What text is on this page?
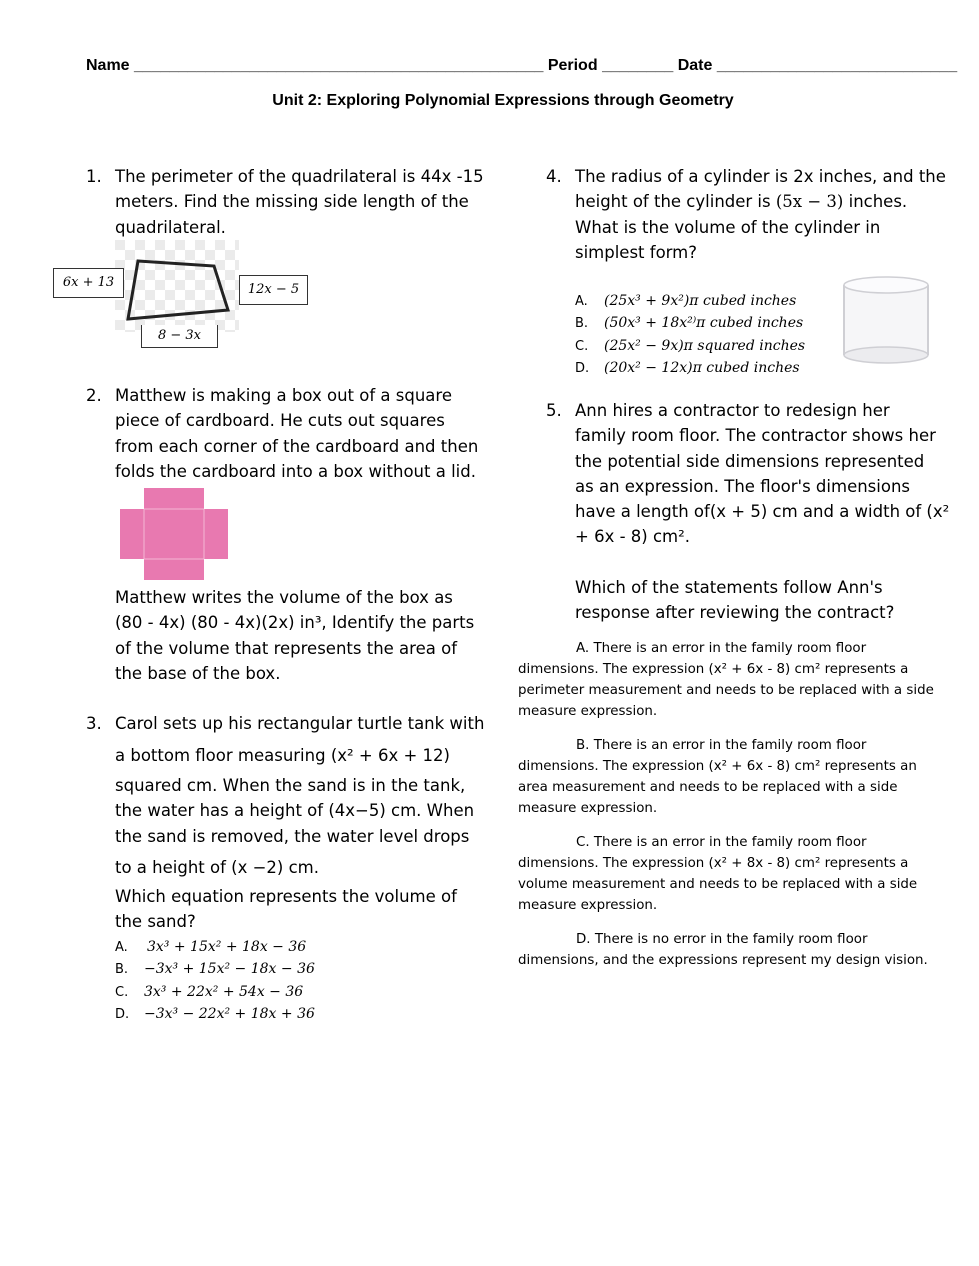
Name ______________________________________________ Period ________ Date ___________________________
Unit 2: Exploring Polynomial Expressions through Geometry
1. The perimeter of the quadrilateral is 44x -15
meters. Find the missing side length of the
quadrilateral.
6x + 13	12x − 5
8 − 3x
2. Matthew is making a box out of a square
piece of cardboard. He cuts out squares
from each corner of the cardboard and then
folds the cardboard into a box without a lid.
Matthew writes the volume of the box as
(80 - 4x) (80 - 4x)(2x) in³, Identify the parts
of the volume that represents the area of
the base of the box.
3. Carol sets up his rectangular turtle tank with
a bottom floor measuring (x² + 6x + 12)
squared cm. When the sand is in the tank,
the water has a height of (4x−5) cm. When
the sand is removed, the water level drops
to a height of (x −2) cm.
Which equation represents the volume of
the sand?
A. 3x³ + 15x² + 18x − 36
B. −3x³ + 15x² − 18x − 36
C. 3x³ + 22x² + 54x − 36
D. −3x³ − 22x² + 18x + 36
4. The radius of a cylinder is 2x inches, and the
height of the cylinder is (5x − 3) inches.
What is the volume of the cylinder in
simplest form?
A. (25x³ + 9x²)π cubed inches
B. (50x³ + 18x²⁾π cubed inches
C. (25x² − 9x)π squared inches
D. (20x² − 12x)π cubed inches
5. Ann hires a contractor to redesign her
family room floor. The contractor shows her
the potential side dimensions represented
as an expression. The floor's dimensions
have a length of(x + 5) cm and a width of (x²
+ 6x - 8) cm².
Which of the statements follow Ann's
response after reviewing the contract?
A. There is an error in the family room floor
dimensions. The expression (x² + 6x - 8) cm² represents a
perimeter measurement and needs to be replaced with a side
measure expression.
B. There is an error in the family room floor
dimensions. The expression (x² + 6x - 8) cm² represents an
area measurement and needs to be replaced with a side
measure expression.
C. There is an error in the family room floor
dimensions. The expression (x² + 8x - 8) cm² represents a
volume measurement and needs to be replaced with a side
measure expression.
D. There is no error in the family room floor
dimensions, and the expressions represent my design vision.
